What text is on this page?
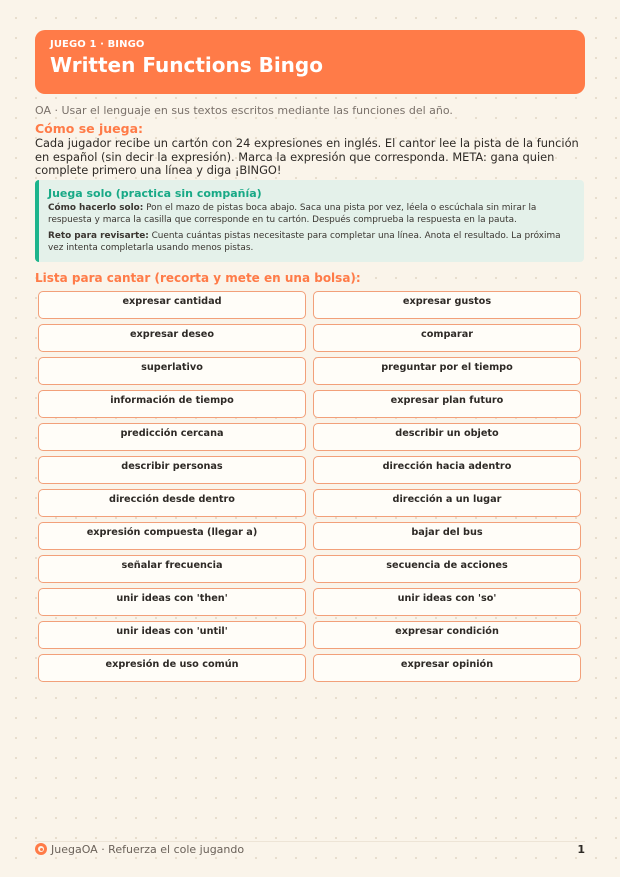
JUEGO 1 · BINGO
Written Functions Bingo
OA · Usar el lenguaje en sus textos escritos mediante las funciones del año.
Cómo se juega:
Cada jugador recibe un cartón con 24 expresiones en inglés. El cantor lee la pista de la función en español (sin decir la expresión). Marca la expresión que corresponda. META: gana quien complete primero una línea y diga ¡BINGO!
Juega solo (practica sin compañía)
Cómo hacerlo solo: Pon el mazo de pistas boca abajo. Saca una pista por vez, léela o escúchala sin mirar la respuesta y marca la casilla que corresponde en tu cartón. Después comprueba la respuesta en la pauta.
Reto para revisarte: Cuenta cuántas pistas necesitaste para completar una línea. Anota el resultado. La próxima vez intenta completarla usando menos pistas.
Lista para cantar (recorta y mete en una bolsa):
expresar cantidad	expresar gustos
expresar deseo	comparar
superlativo	preguntar por el tiempo
información de tiempo	expresar plan futuro
predicción cercana	describir un objeto
describir personas	dirección hacia adentro
dirección desde dentro	dirección a un lugar
expresión compuesta (llegar a)	bajar del bus
señalar frecuencia	secuencia de acciones
unir ideas con 'then'	unir ideas con 'so'
unir ideas con 'until'	expresar condición
expresión de uso común	expresar opinión
JuegaOA · Refuerza el cole jugando	1
